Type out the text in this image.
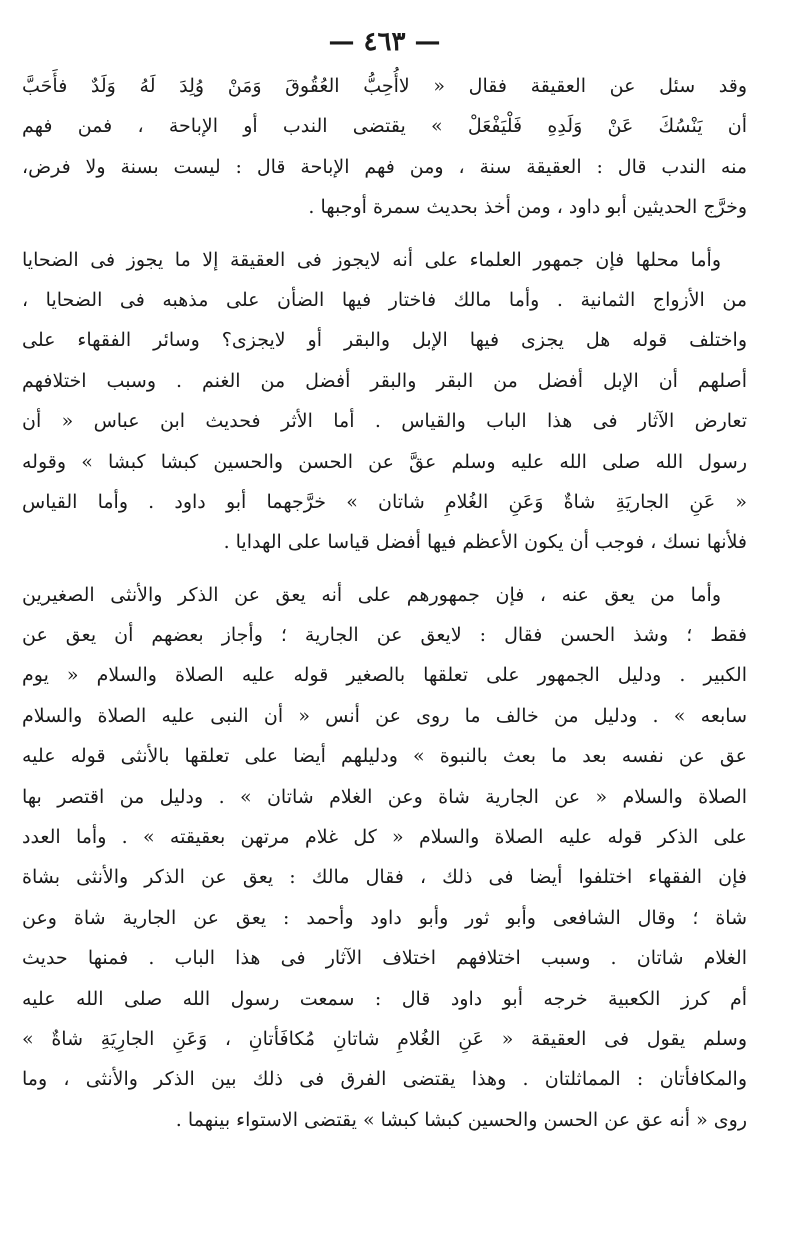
— ٤٦٣ —
وقد سئل عن العقيقة فقال « لاأُحِبُّ العُقُوقَ وَمَنْ وُلِدَ لَهُ وَلَدٌ فأَحَبَّ
أن يَنْسُكَ عَنْ وَلَدِهِ فَلْيَفْعَلْ » يقتضى الندب أو الإباحة ، فمن فهم
منه الندب قال : العقيقة سنة ، ومن فهم الإباحة قال : ليست بسنة ولا فرض،
وخرَّج الحديثين أبو داود ، ومن أخذ بحديث سمرة أوجبها .
وأما محلها فإن جمهور العلماء على أنه لايجوز فى العقيقة إلا ما يجوز فى الضحايا
من الأزواج الثمانية . وأما مالك فاختار فيها الضأن على مذهبه فى الضحايا ،
واختلف قوله هل يجزى فيها الإبل والبقر أو لايجزى؟ وسائر الفقهاء على
أصلهم أن الإبل أفضل من البقر والبقر أفضل من الغنم . وسبب اختلافهم
تعارض الآثار فى هذا الباب والقياس . أما الأثر فحديث ابن عباس « أن
رسول الله صلى الله عليه وسلم عقَّ عن الحسن والحسين كبشا كبشا » وقوله
« عَنِ الجاريَةِ شاةٌ وَعَنِ الغُلامِ شاتان » خرَّجهما أبو داود . وأما القياس
فلأنها نسك ، فوجب أن يكون الأعظم فيها أفضل قياسا على الهدايا .
وأما من يعق عنه ، فإن جمهورهم على أنه يعق عن الذكر والأنثى الصغيرين
فقط ؛ وشذ الحسن فقال : لايعق عن الجارية ؛ وأجاز بعضهم أن يعق عن
الكبير . ودليل الجمهور على تعلقها بالصغير قوله عليه الصلاة والسلام « يوم
سابعه » . ودليل من خالف ما روى عن أنس « أن النبى عليه الصلاة والسلام
عق عن نفسه بعد ما بعث بالنبوة » ودليلهم أيضا على تعلقها بالأنثى قوله عليه
الصلاة والسلام « عن الجارية شاة وعن الغلام شاتان » . ودليل من اقتصر بها
على الذكر قوله عليه الصلاة والسلام « كل غلام مرتهن بعقيقته » . وأما العدد
فإن الفقهاء اختلفوا أيضا فى ذلك ، فقال مالك : يعق عن الذكر والأنثى بشاة
شاة ؛ وقال الشافعى وأبو ثور وأبو داود وأحمد : يعق عن الجارية شاة وعن
الغلام شاتان . وسبب اختلافهم اختلاف الآثار فى هذا الباب . فمنها حديث
أم كرز الكعبية خرجه أبو داود قال : سمعت رسول الله صلى الله عليه
وسلم يقول فى العقيقة « عَنِ الغُلامِ شاتانِ مُكافَأتانِ ، وَعَنِ الجارِيَةِ شاةٌ »
والمكافأتان : المماثلتان . وهذا يقتضى الفرق فى ذلك بين الذكر والأنثى ، وما
روى « أنه عق عن الحسن والحسين كبشا كبشا » يقتضى الاستواء بينهما .
